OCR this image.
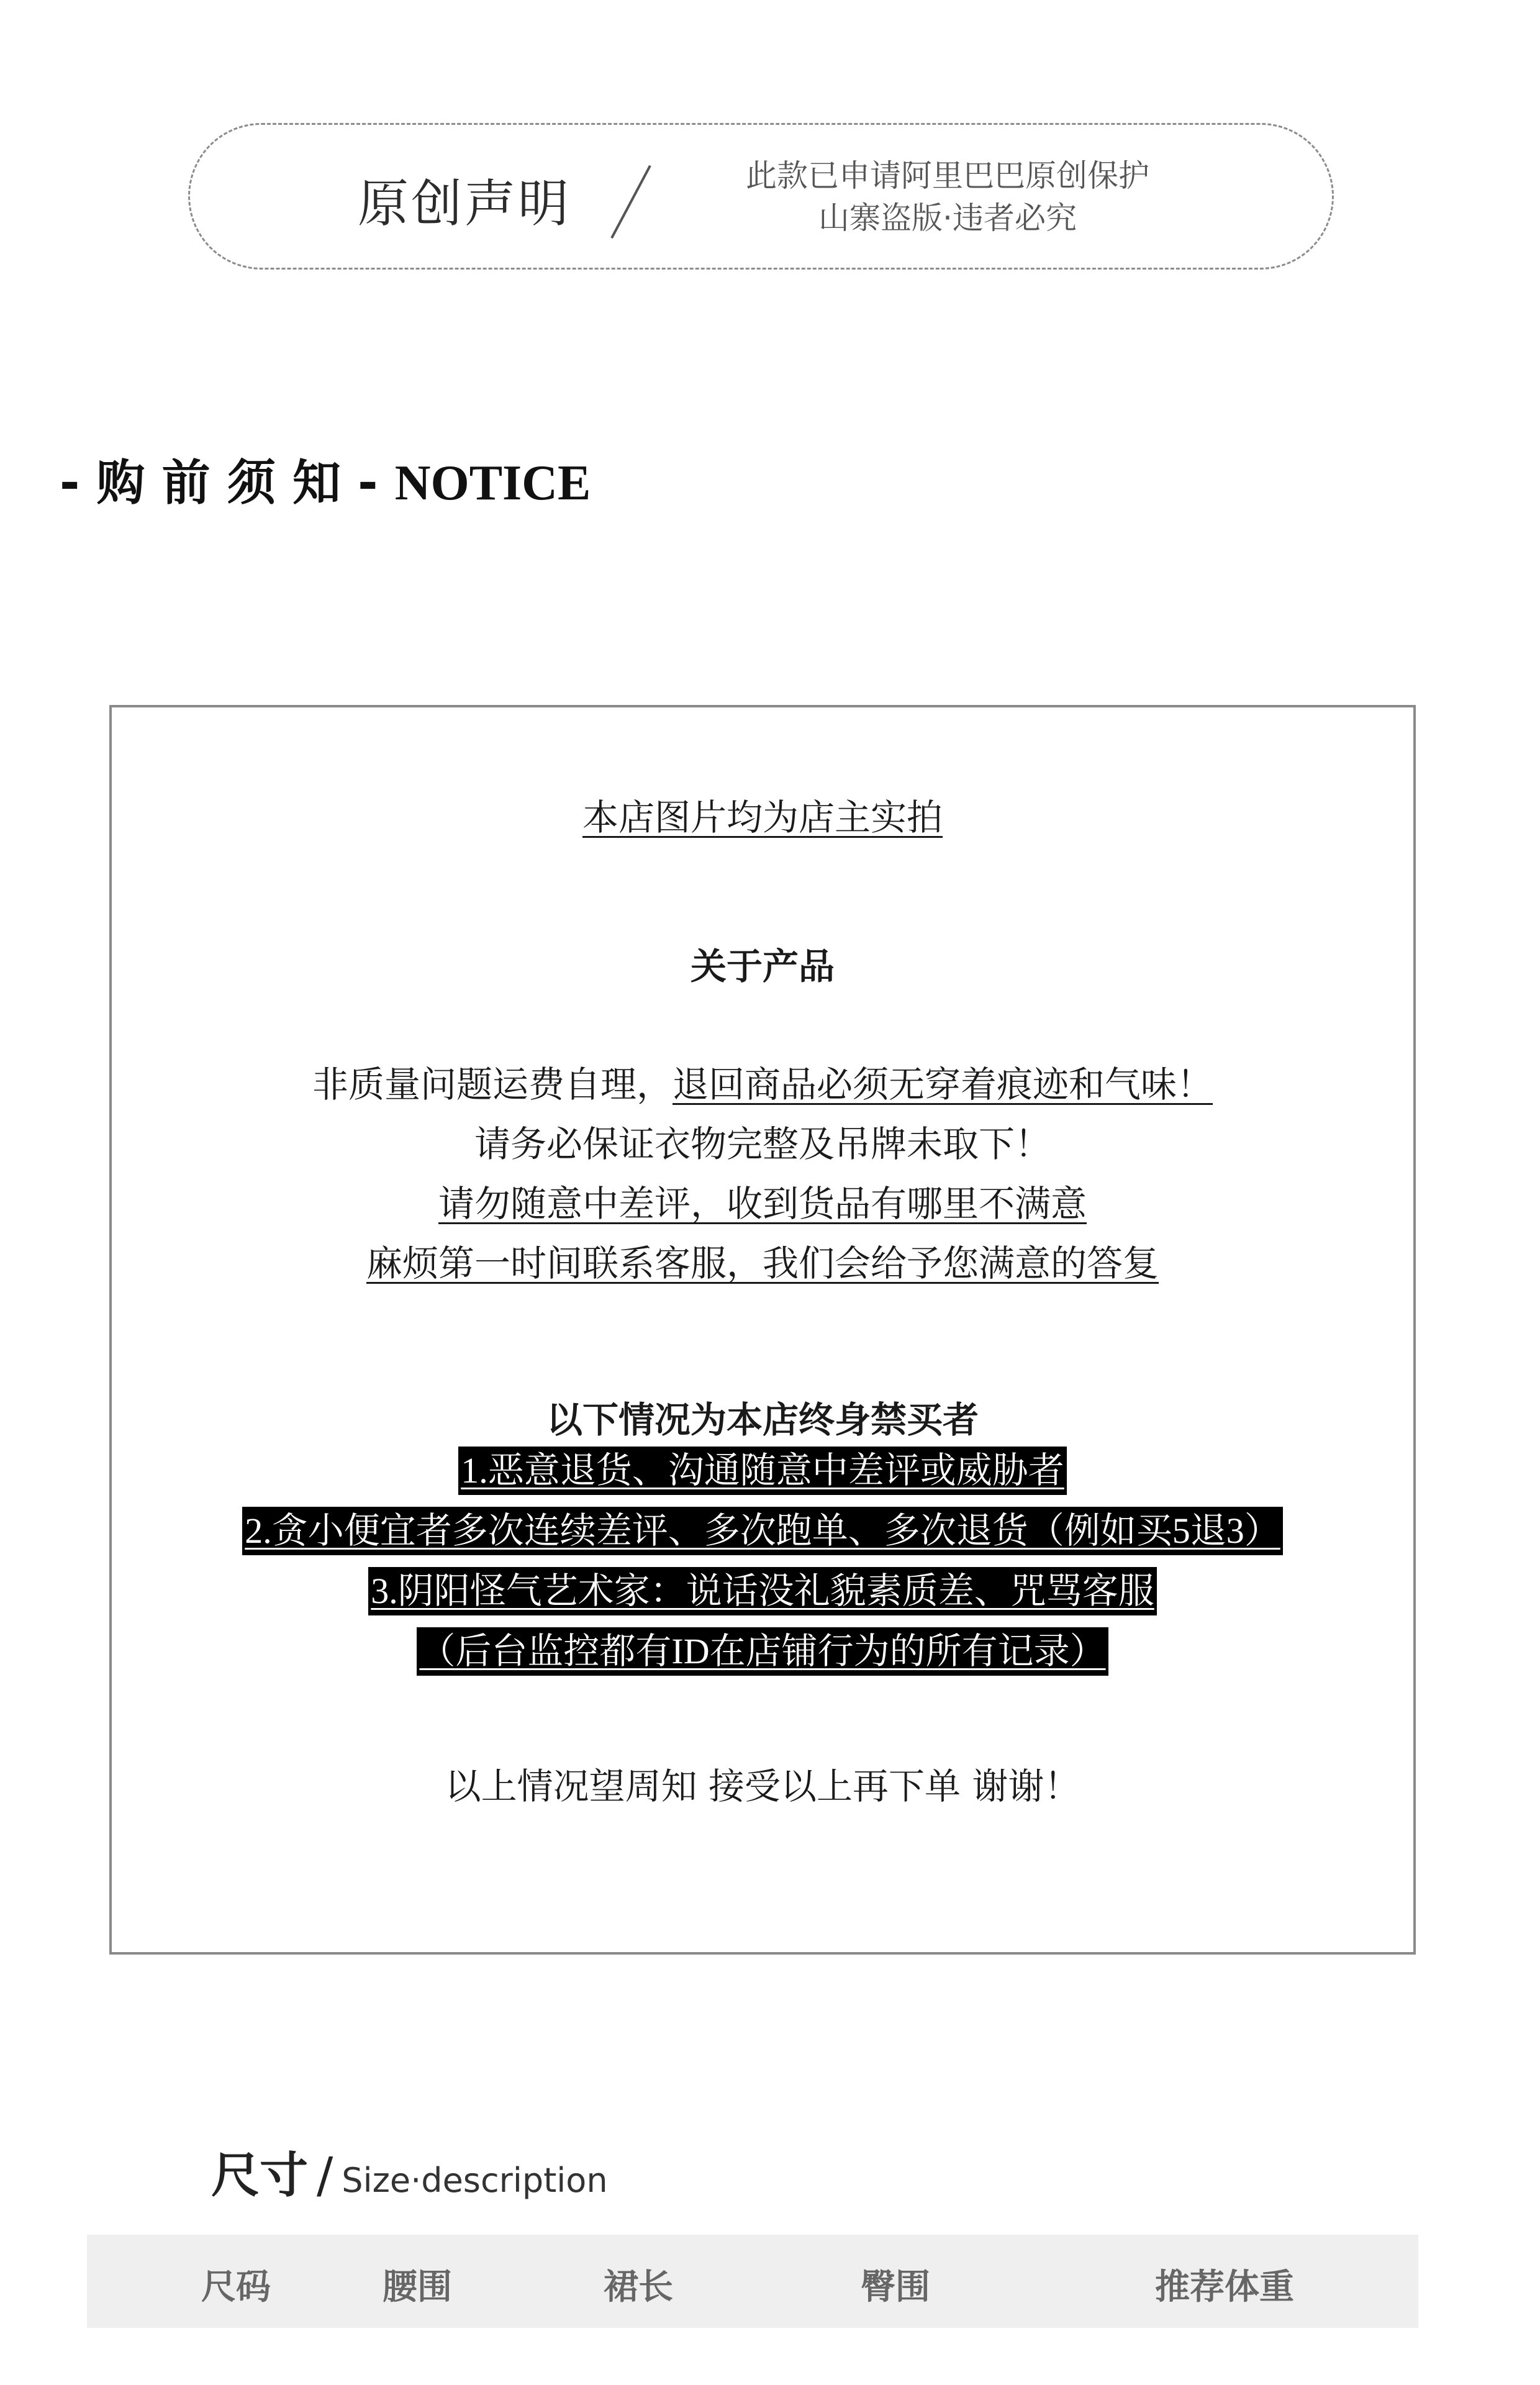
原创声明	此款已申请阿里巴巴原创保护
山寨盗版·违者必究
- 购 前 须 知 - NOTICE
本店图片均为店主实拍
关于产品
非质量问题运费自理，退回商品必须无穿着痕迹和气味！
请务必保证衣物完整及吊牌未取下！
请勿随意中差评，收到货品有哪里不满意
麻烦第一时间联系客服，我们会给予您满意的答复
以下情况为本店终身禁买者
1.恶意退货、沟通随意中差评或威胁者
2.贪小便宜者多次连续差评、多次跑单、多次退货（例如买5退3）
3.阴阳怪气艺术家：说话没礼貌素质差、咒骂客服
（后台监控都有ID在店铺行为的所有记录）
以上情况望周知 接受以上再下单 谢谢！
尺寸 / Size·description
尺码	腰围	裙长	臀围	推荐体重
